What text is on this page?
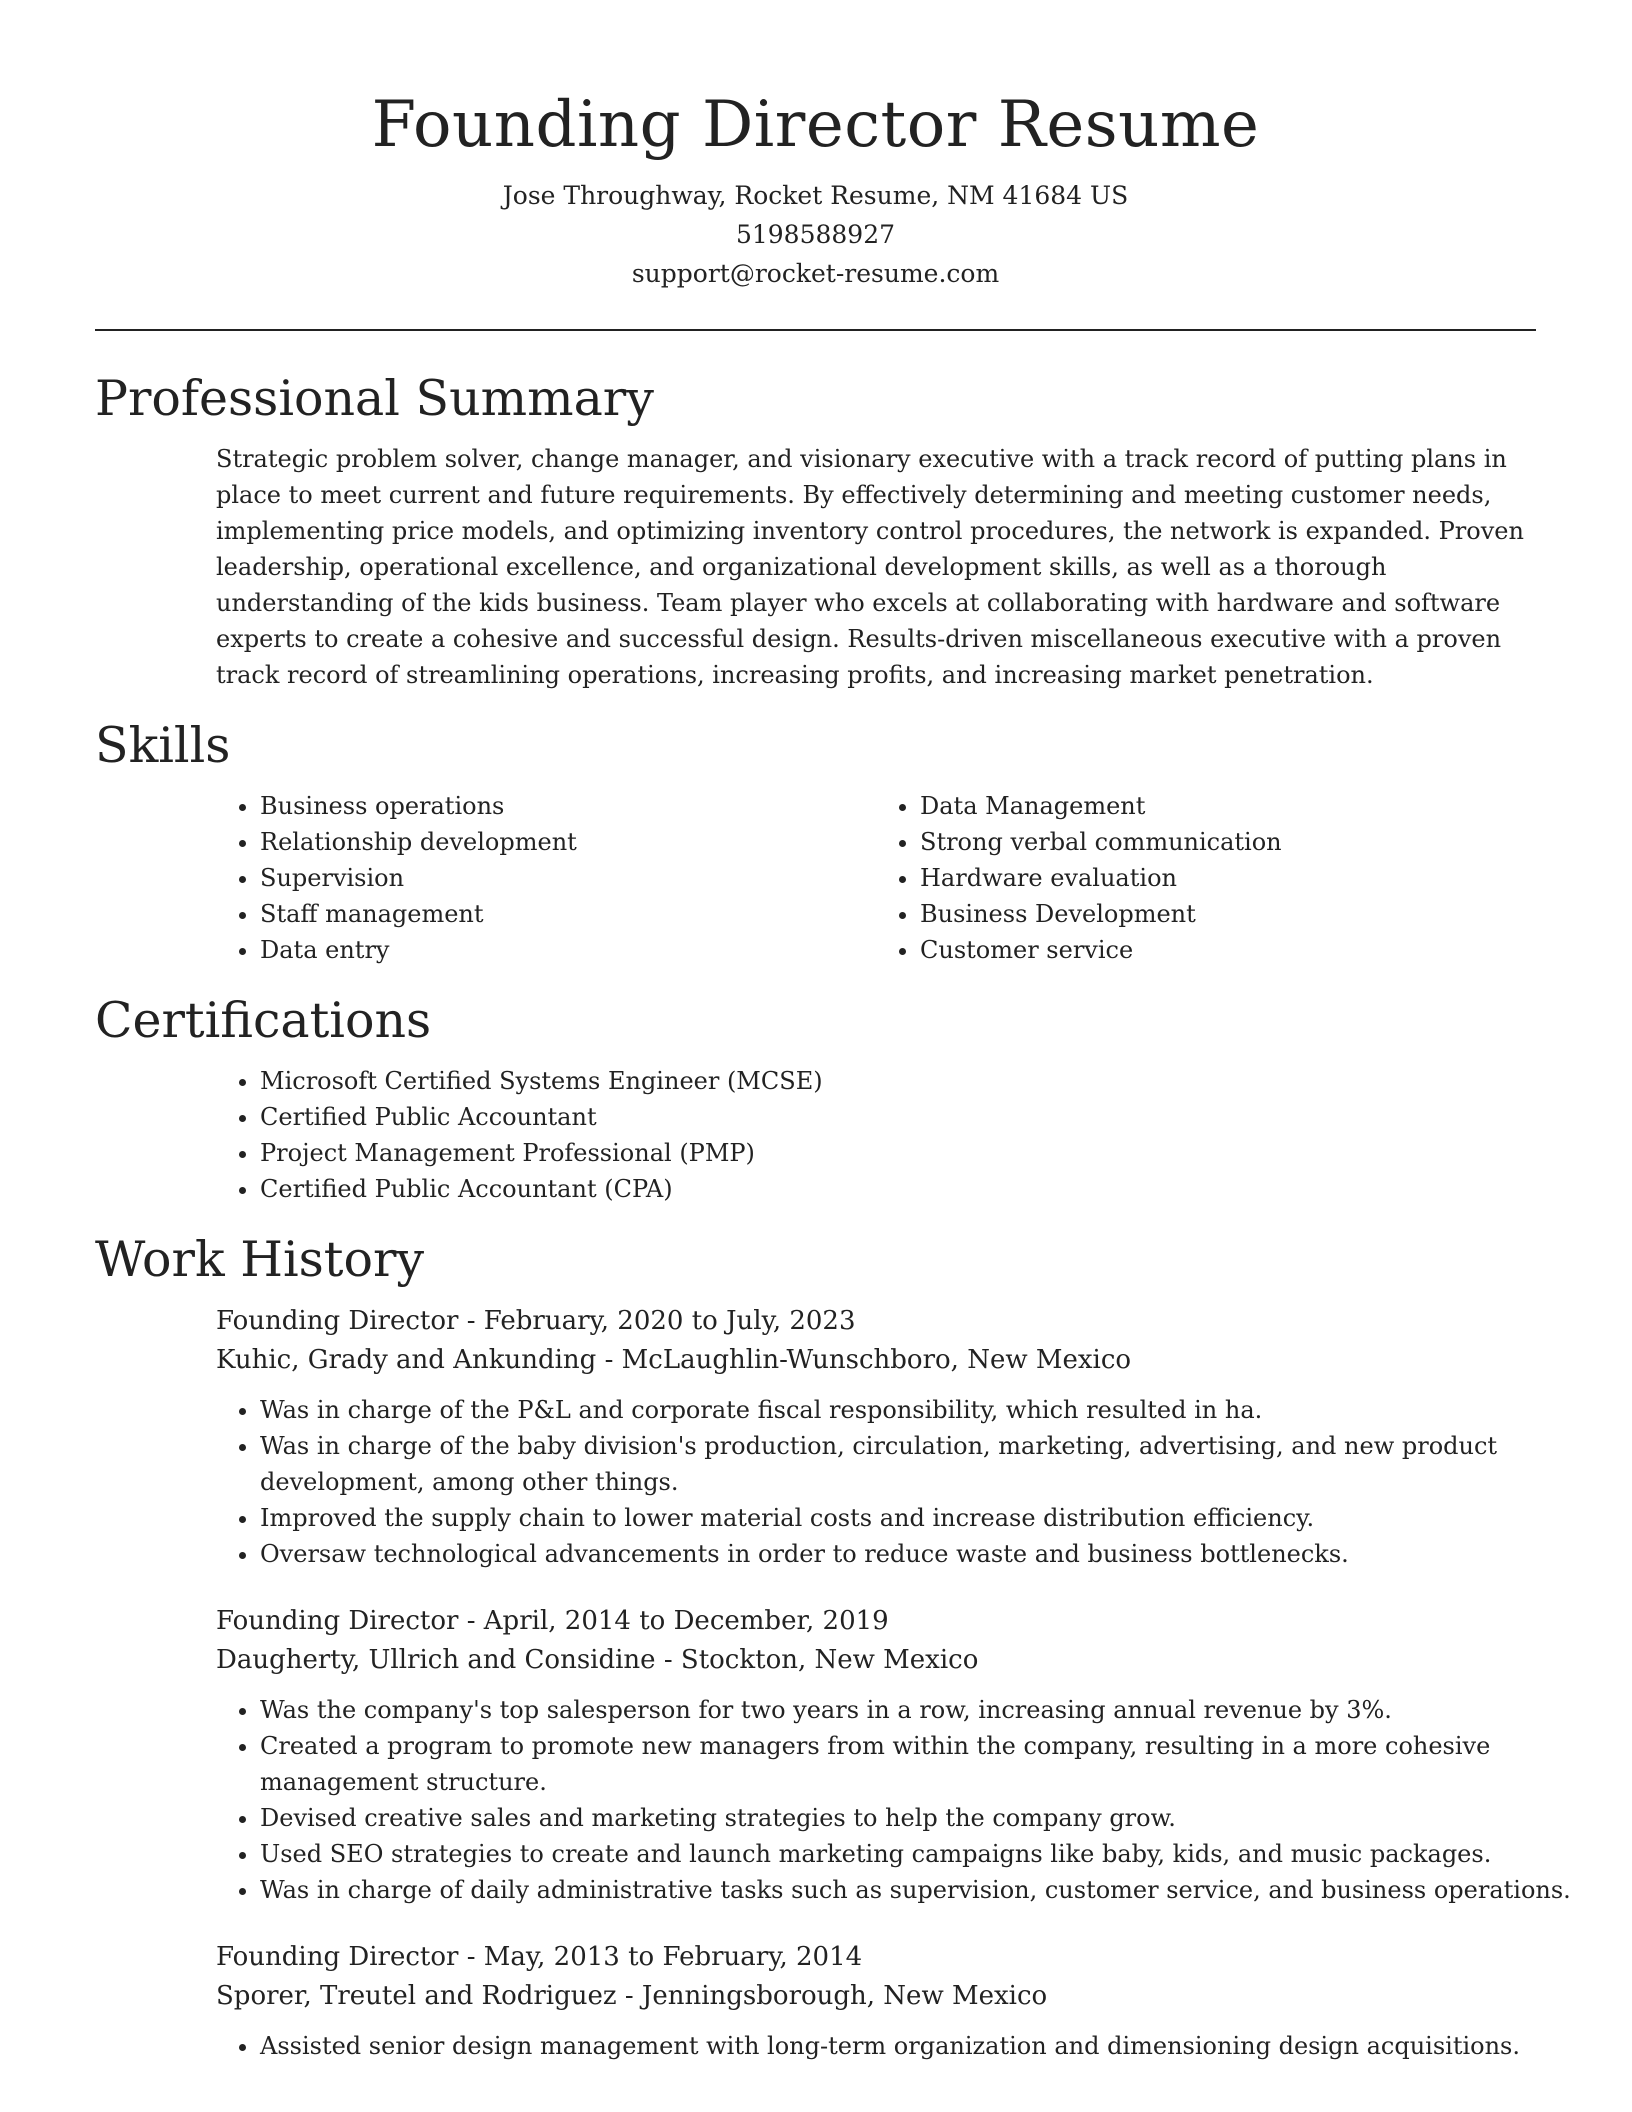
Founding Director Resume

Jose Throughway, Rocket Resume, NM 41684 US

5198588927

support@rocket-resume.com

Professional Summary

Strategic problem solver, change manager, and visionary executive with a track record of putting plans in place to meet current and future requirements. By effectively determining and meeting customer needs, implementing price models, and optimizing inventory control procedures, the network is expanded. Proven leadership, operational excellence, and organizational development skills, as well as a thorough understanding of the kids business. Team player who excels at collaborating with hardware and software experts to create a cohesive and successful design. Results-driven miscellaneous executive with a proven track record of streamlining operations, increasing profits, and increasing market penetration.

Skills
• Business operations
• Relationship development
• Supervision
• Staff management
• Data entry
• Data Management
• Strong verbal communication
• Hardware evaluation
• Business Development
• Customer service
Certifications
• Microsoft Certified Systems Engineer (MCSE)
• Certified Public Accountant
• Project Management Professional (PMP)
• Certified Public Accountant (CPA)
Work History
Founding Director - February, 2020 to July, 2023
Kuhic, Grady and Ankunding - McLaughlin-Wunschboro, New Mexico
• Was in charge of the P&L and corporate fiscal responsibility, which resulted in ha.
• Was in charge of the baby division's production, circulation, marketing, advertising, and new product development, among other things.
• Improved the supply chain to lower material costs and increase distribution efficiency.
• Oversaw technological advancements in order to reduce waste and business bottlenecks.
Founding Director - April, 2014 to December, 2019
Daugherty, Ullrich and Considine - Stockton, New Mexico
• Was the company's top salesperson for two years in a row, increasing annual revenue by 3%.
• Created a program to promote new managers from within the company, resulting in a more cohesive management structure.
• Devised creative sales and marketing strategies to help the company grow.
• Used SEO strategies to create and launch marketing campaigns like baby, kids, and music packages.
• Was in charge of daily administrative tasks such as supervision, customer service, and business operations.
Founding Director - May, 2013 to February, 2014
Sporer, Treutel and Rodriguez - Jenningsborough, New Mexico
• Assisted senior design management with long-term organization and dimensioning design acquisitions.
